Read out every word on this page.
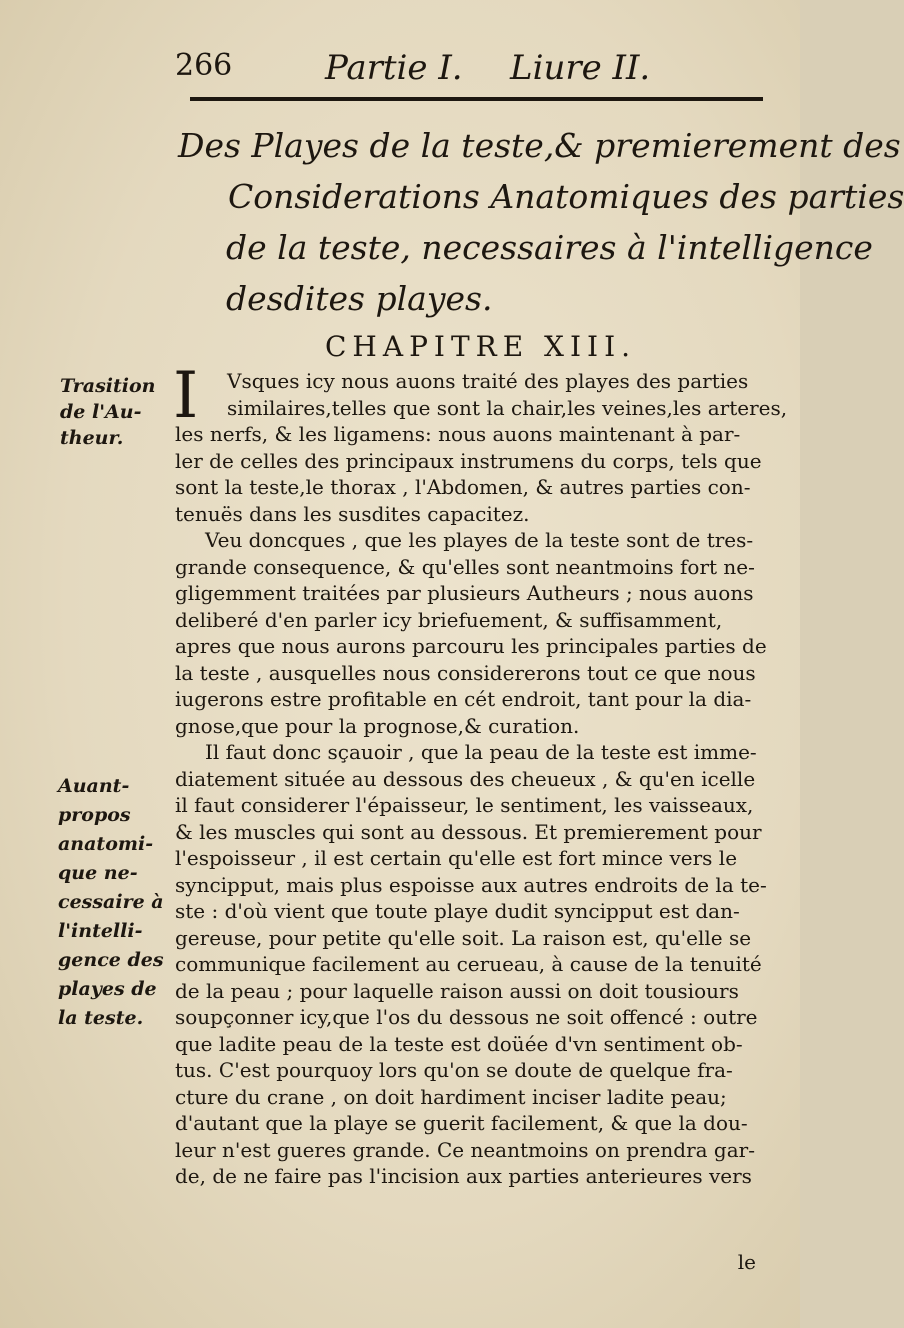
266	Partie I. Liure II.
Des Playes de la teste,& premierement des
Considerations Anatomiques des parties
de la teste, necessaires à l'intelligence
desdites playes.
CHAPITRE XIII.
Trasition
de l'Au-
theur.
Auant-
propos
anatomi-
que ne-
cessaire à
l'intelli-
gence des
playes de
la teste.
I	Vsques icy nous auons traité des playes des parties
similaires,telles que sont la chair,les veines,les arteres,
les nerfs, & les ligamens: nous auons maintenant à par-
ler de celles des principaux instrumens du corps, tels que
sont la teste,le thorax , l'Abdomen, & autres parties con-
tenuës dans les susdites capacitez.
Veu doncques , que les playes de la teste sont de tres-
grande consequence, & qu'elles sont neantmoins fort ne-
gligemment traitées par plusieurs Autheurs ; nous auons
deliberé d'en parler icy briefuement, & suffisamment,
apres que nous aurons parcouru les principales parties de
la teste , ausquelles nous considererons tout ce que nous
iugerons estre profitable en cét endroit, tant pour la dia-
gnose,que pour la prognose,& curation.
Il faut donc sçauoir , que la peau de la teste est imme-
diatement située au dessous des cheueux , & qu'en icelle
il faut considerer l'épaisseur, le sentiment, les vaisseaux,
& les muscles qui sont au dessous. Et premierement pour
l'espoisseur , il est certain qu'elle est fort mince vers le
syncipput, mais plus espoisse aux autres endroits de la te-
ste : d'où vient que toute playe dudit syncipput est dan-
gereuse, pour petite qu'elle soit. La raison est, qu'elle se
communique facilement au cerueau, à cause de la tenuité
de la peau ; pour laquelle raison aussi on doit tousiours
soupçonner icy,que l'os du dessous ne soit offencé : outre
que ladite peau de la teste est doüée d'vn sentiment ob-
tus. C'est pourquoy lors qu'on se doute de quelque fra-
cture du crane , on doit hardiment inciser ladite peau;
d'autant que la playe se guerit facilement, & que la dou-
leur n'est gueres grande. Ce neantmoins on prendra gar-
de, de ne faire pas l'incision aux parties anterieures vers
le
